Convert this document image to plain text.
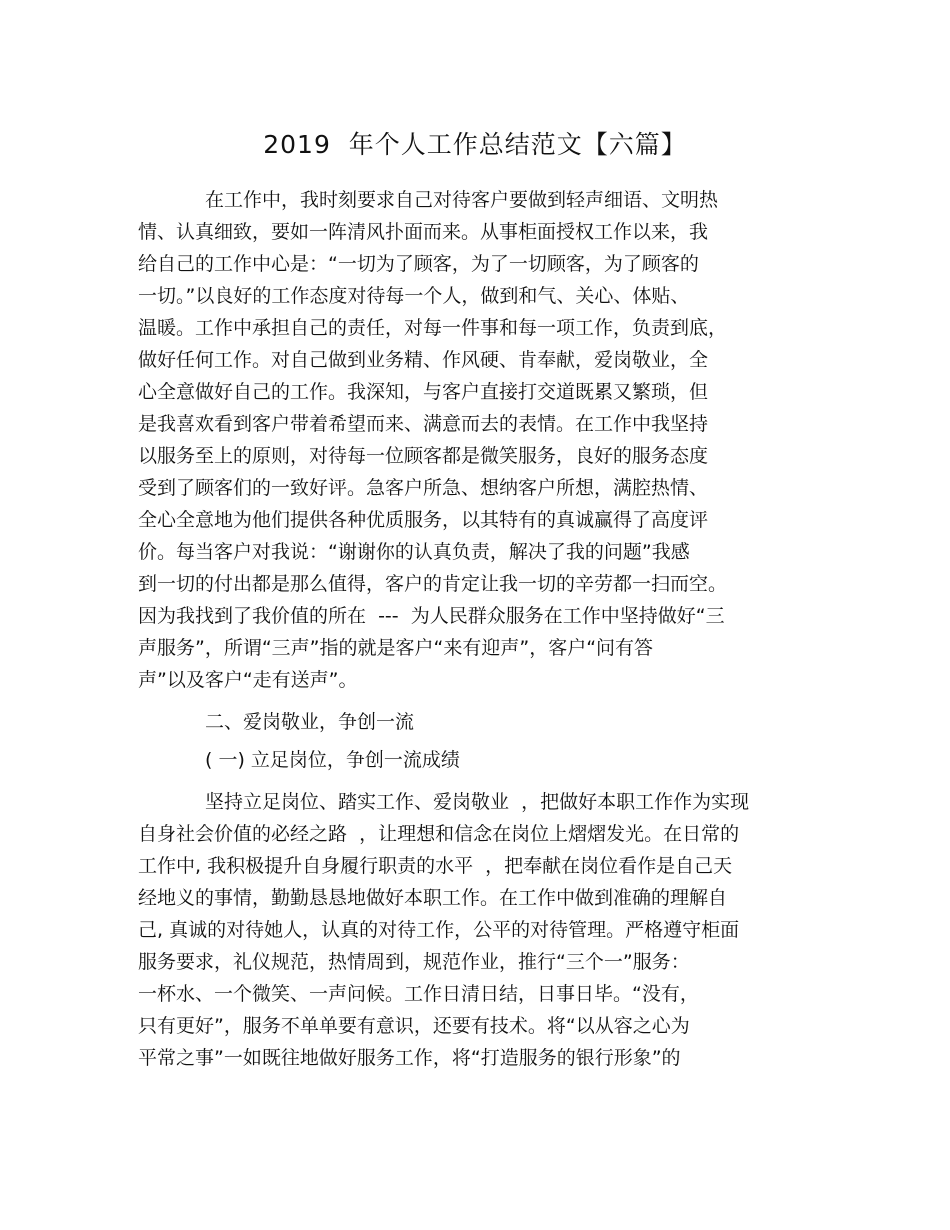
2019  年个人工作总结范文【六篇】
在工作中，我时刻要求自己对待客户要做到轻声细语、文明热
情、认真细致，要如一阵清风扑面而来。从事柜面授权工作以来，我
给自己的工作中心是：“一切为了顾客，为了一切顾客，为了顾客的
一切。”以良好的工作态度对待每一个人，做到和气、关心、体贴、
温暖。工作中承担自己的责任，对每一件事和每一项工作，负责到底，
做好任何工作。对自己做到业务精、作风硬、肯奉献，爱岗敬业，全
心全意做好自己的工作。我深知，与客户直接打交道既累又繁琐，但
是我喜欢看到客户带着希望而来、满意而去的表情。在工作中我坚持
以服务至上的原则，对待每一位顾客都是微笑服务，良好的服务态度
受到了顾客们的一致好评。急客户所急、想纳客户所想，满腔热情、
全心全意地为他们提供各种优质服务，以其特有的真诚赢得了高度评
价。每当客户对我说：“谢谢你的认真负责，解决了我的问题”我感
到一切的付出都是那么值得，客户的肯定让我一切的辛劳都一扫而空。
因为我找到了我价值的所在  ---  为人民群众服务在工作中坚持做好“三
声服务”，所谓“三声”指的就是客户“来有迎声”，客户“问有答
声”以及客户“走有送声”。
二、爱岗敬业，争创一流
( 一) 立足岗位，争创一流成绩
坚持立足岗位、踏实工作、爱岗敬业  ，把做好本职工作作为实现
自身社会价值的必经之路  ，让理想和信念在岗位上熠熠发光。在日常的
工作中, 我积极提升自身履行职责的水平  ，把奉献在岗位看作是自己天
经地义的事情，勤勤恳恳地做好本职工作。在工作中做到准确的理解自
己, 真诚的对待她人，认真的对待工作，公平的对待管理。严格遵守柜面
服务要求，礼仪规范，热情周到，规范作业，推行“三个一”服务：
一杯水、一个微笑、一声问候。工作日清日结，日事日毕。“没有，
只有更好”，服务不单单要有意识，还要有技术。将“以从容之心为
平常之事”一如既往地做好服务工作，将“打造服务的银行形象”的
